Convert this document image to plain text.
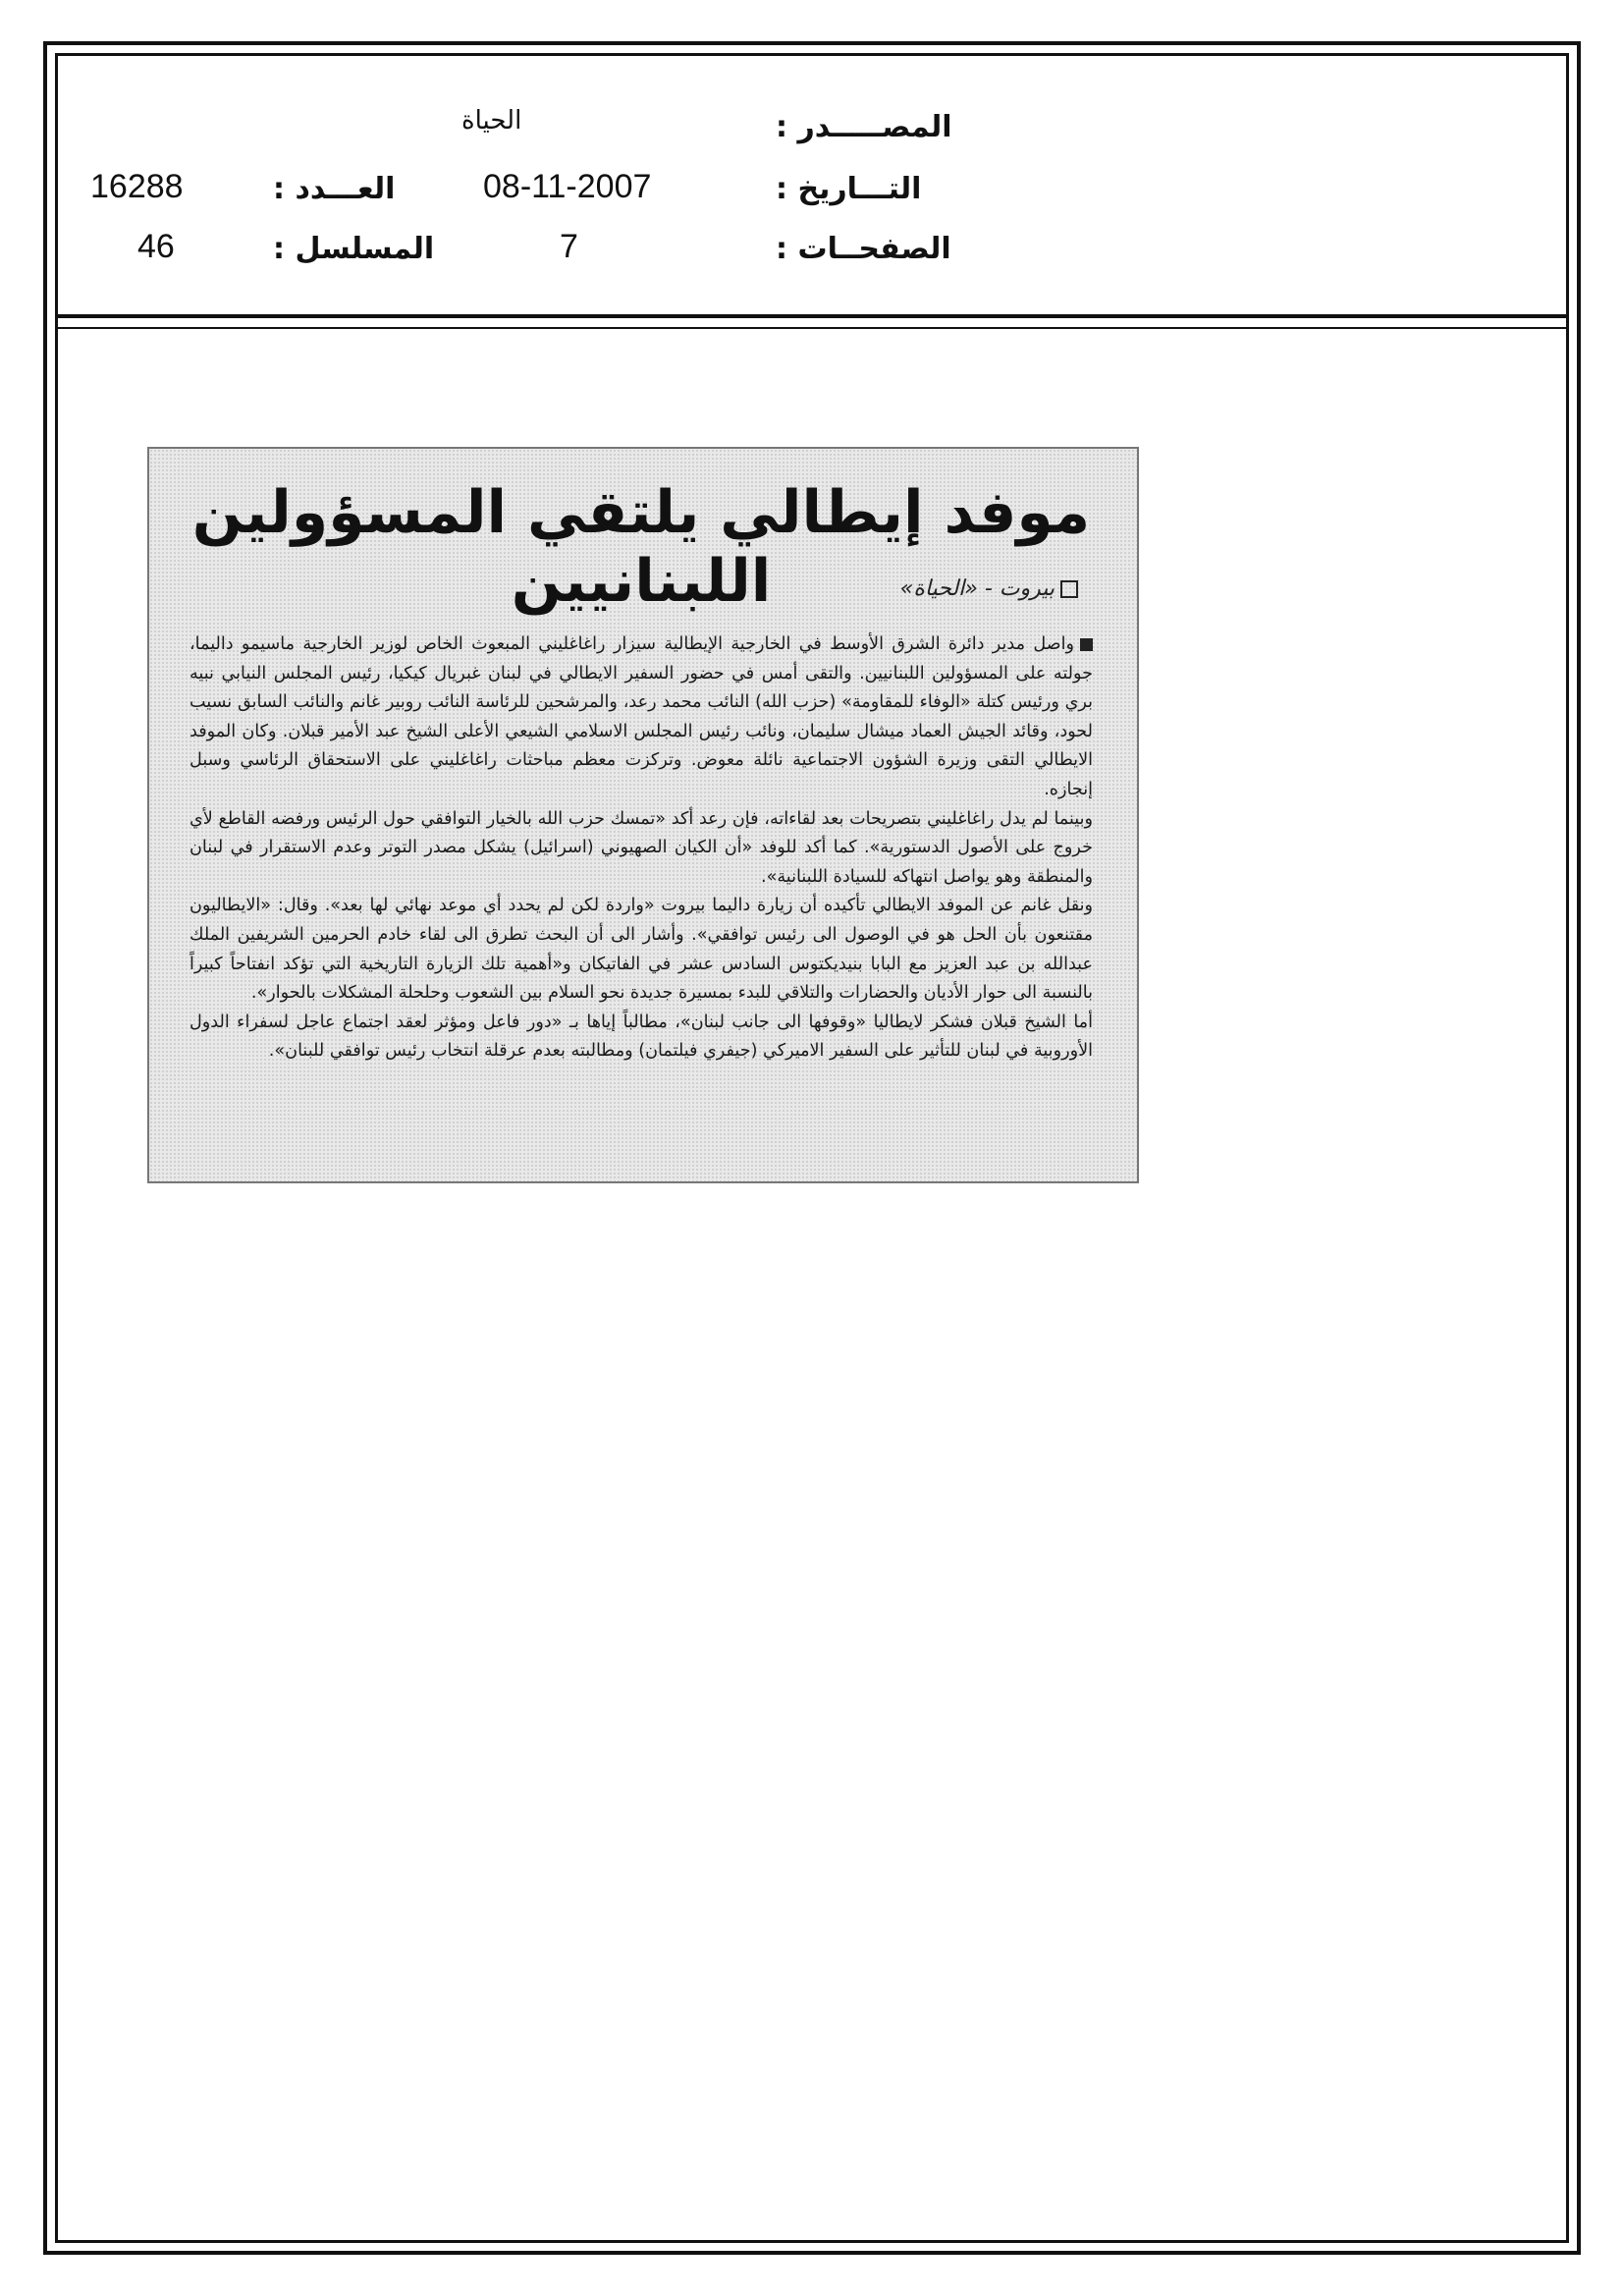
الحياة	المصـــــدر :
16288	العـــدد :	08-11-2007	التـــاريخ :
46	المسلسل :	7	الصفحــات :
موفد إيطالي يلتقي المسؤولين اللبنانيين	بيروت - «الحياة»

واصل مدير دائرة الشرق الأوسط في الخارجية الإيطالية سيزار راغاغليني المبعوث الخاص لوزير الخارجية ماسيمو داليما، جولته على المسؤولين اللبنانيين. والتقى أمس في حضور السفير الايطالي في لبنان غبريال كيكيا، رئيس المجلس النيابي نبيه بري ورئيس كتلة «الوفاء للمقاومة» (حزب الله) النائب محمد رعد، والمرشحين للرئاسة النائب روبير غانم والنائب السابق نسيب لحود، وقائد الجيش العماد ميشال سليمان، ونائب رئيس المجلس الاسلامي الشيعي الأعلى الشيخ عبد الأمير قبلان. وكان الموفد الايطالي التقى وزيرة الشؤون الاجتماعية نائلة معوض. وتركزت معظم مباحثات راغاغليني على الاستحقاق الرئاسي وسبل إنجازه.

وبينما لم يدل راغاغليني بتصريحات بعد لقاءاته، فإن رعد أكد «تمسك حزب الله بالخيار التوافقي حول الرئيس ورفضه القاطع لأي خروج على الأصول الدستورية». كما أكد للوفد «أن الكيان الصهيوني (اسرائيل) يشكل مصدر التوتر وعدم الاستقرار في لبنان والمنطقة وهو يواصل انتهاكه للسيادة اللبنانية».

ونقل غانم عن الموفد الايطالي تأكيده أن زيارة داليما بيروت «واردة لكن لم يحدد أي موعد نهائي لها بعد». وقال: «الايطاليون مقتنعون بأن الحل هو في الوصول الى رئيس توافقي». وأشار الى أن البحث تطرق الى لقاء خادم الحرمين الشريفين الملك عبدالله بن عبد العزيز مع البابا بنيديكتوس السادس عشر في الفاتيكان و«أهمية تلك الزيارة التاريخية التي تؤكد انفتاحاً كبيراً بالنسبة الى حوار الأديان والحضارات والتلاقي للبدء بمسيرة جديدة نحو السلام بين الشعوب وحلحلة المشكلات بالحوار».

أما الشيخ قبلان فشكر لايطاليا «وقوفها الى جانب لبنان»، مطالباً إياها بـ «دور فاعل ومؤثر لعقد اجتماع عاجل لسفراء الدول الأوروبية في لبنان للتأثير على السفير الاميركي (جيفري فيلتمان) ومطالبته بعدم عرقلة انتخاب رئيس توافقي للبنان».
